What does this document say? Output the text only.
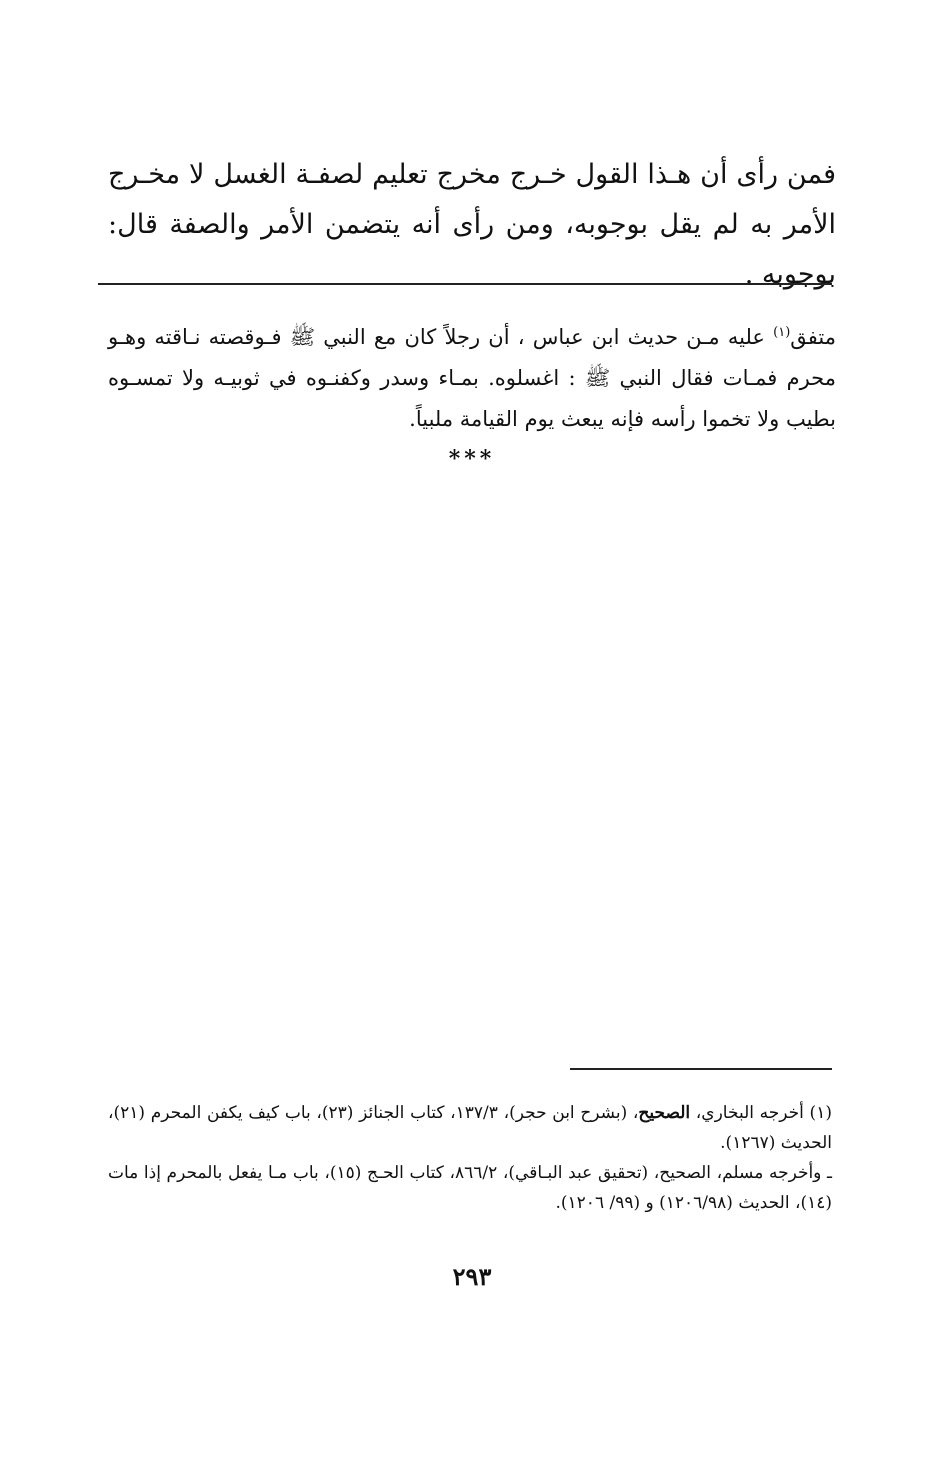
فمن رأى أن هـذا القول خـرج مخرج تعليم لصفـة الغسل لا مخـرج الأمر به لم يقل بوجوبه، ومن رأى أنه يتضمن الأمر والصفة قال: بوجوبه .

متفق$^{(١)}$ عليه مـن حديث ابن عباس ، أن رجلاً كان مع النبي ﷺ فـوقصته نـاقته وهـو محرم فمـات فقال النبي ﷺ : اغسلوه. بمـاء وسدر وكفنـوه في ثوبيـه ولا تمسـوه بطيب ولا تخموا رأسه فإنه يبعث يوم القيامة ملبياً.

***
(١) أخرجه البخاري، الصحيح، (بشرح ابن حجر)، ١٣٧/٣، كتاب الجنائز (٢٣)، باب كيف يكفن المحرم (٢١)، الحديث (١٢٦٧).
ـ وأخرجه مسلم، الصحيح، (تحقيق عبد البـاقي)، ٨٦٦/٢، كتاب الحـج (١٥)، باب مـا يفعل بالمحرم إذا مات (١٤)، الحديث (١٢٠٦/٩٨) و (٩٩/ ١٢٠٦).
٢٩٣
